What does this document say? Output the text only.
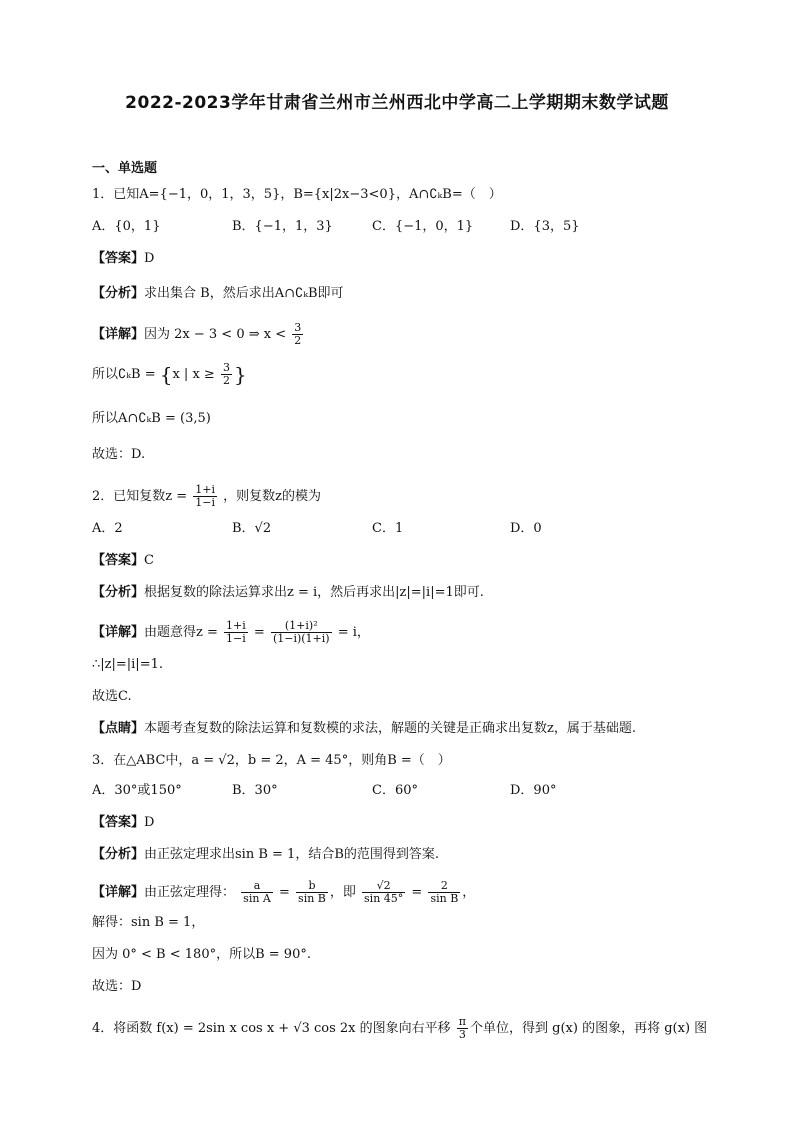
2022-2023学年甘肃省兰州市兰州西北中学高二上学期期末数学试题
一、单选题
1．已知A={−1，0，1，3，5}，B={x|2x−3<0}，A∩∁ₖB=（　）
A．{0，1}	B．{−1，1，3}	C．{−1，0，1}	D．{3，5}
【答案】D
【分析】求出集合 B，然后求出A∩∁ₖB即可
【详解】因为 2x − 3 < 0 ⇒ $x < \frac{3}{2}$
所以∁ₖB = {x | $x \ge \frac{3}{2}$ }
所以A∩∁ₖB = (3,5)
故选：D.
2．已知复数$z = \frac{1+i}{1-i}$ ，则复数z的模为
A．2	B．√2	C．1	D．0
【答案】C
【分析】根据复数的除法运算求出z = i，然后再求出|z|=|i|=1即可.
【详解】由题意得$z = \frac{1+i}{1-i} = \frac{\text{(1+i)²}}{(1-i)(1+i)} = i$，
∴|z|=|i|=1.
故选C.
【点睛】本题考查复数的除法运算和复数模的求法，解题的关键是正确求出复数z，属于基础题.
3．在△ABC中，a = √2，b = 2，A = 45°，则角B =（　）
A．30°或150°	B．30°	C．60°	D．90°
【答案】D
【分析】由正弦定理求出sin B = 1，结合B的范围得到答案.
【详解】由正弦定理得： $\frac{a}{\text{sin A}} = \frac{b}{\text{sin B}}$ ，即 $\frac{√2}{\sin 45^\circ} = \frac{2}{\text{sin B}}$ ，
解得：sin B = 1，
因为 0° < B < 180°，所以B = 90°.
故选：D
4．将函数 f(x) = 2sin x cos x + √3 cos 2x 的图象向右平移 $\frac{\pi}{3}$ 个单位，得到 g(x) 的图象，再将 g(x) 图
